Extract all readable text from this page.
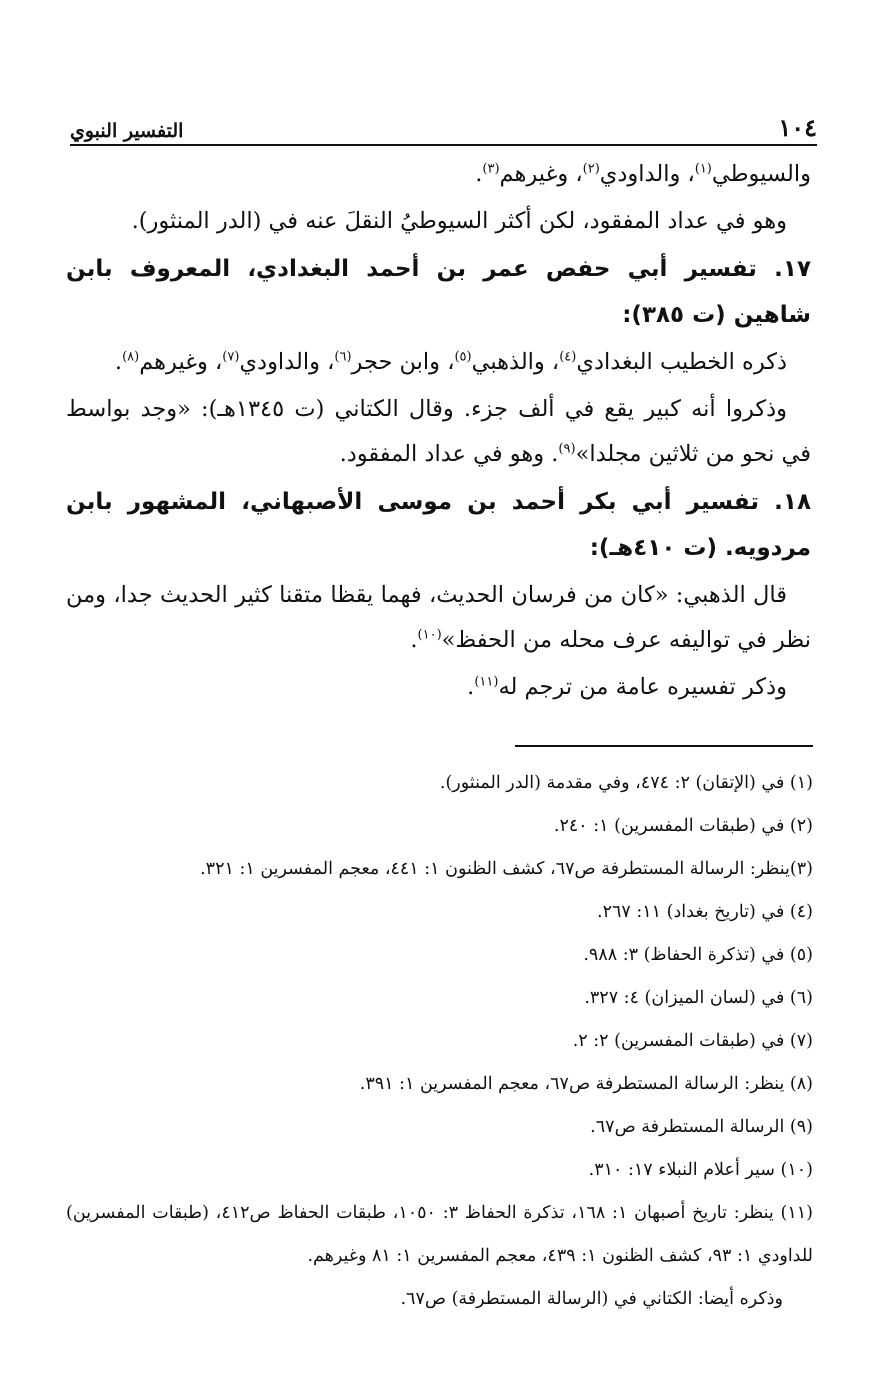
١٠٤
التفسير النبوي

والسيوطي$^{(١)}$، والداودي$^{(٢)}$، وغيرهم$^{(٣)}$.

وهو في عداد المفقود، لكن أكثر السيوطيُ النقلَ عنه في (الدر المنثور).

١٧. تفسير أبي حفص عمر بن أحمد البغدادي، المعروف بابن شاهين (ت ٣٨٥):

ذكره الخطيب البغدادي$^{(٤)}$، والذهبي$^{(٥)}$، وابن حجر$^{(٦)}$، والداودي$^{(٧)}$، وغيرهم$^{(٨)}$.

وذكروا أنه كبير يقع في ألف جزء. وقال الكتاني (ت ١٣٤٥هـ): «وجد بواسط في نحو من ثلاثين مجلدا»$^{(٩)}$. وهو في عداد المفقود.

١٨. تفسير أبي بكر أحمد بن موسى الأصبهاني، المشهور بابن مردويه. (ت ٤١٠هـ):

قال الذهبي: «كان من فرسان الحديث، فهما يقظا متقنا كثير الحديث جدا، ومن نظر في تواليفه عرف محله من الحفظ»$^{(١٠)}$.

وذكر تفسيره عامة من ترجم له$^{(١١)}$.

(١) في (الإتقان) ٢: ٤٧٤، وفي مقدمة (الدر المنثور).

(٢) في (طبقات المفسرين) ١: ٢٤٠.

(٣)ينظر: الرسالة المستطرفة ص٦٧، كشف الظنون ١: ٤٤١، معجم المفسرين ١: ٣٢١.

(٤) في (تاريخ بغداد) ١١: ٢٦٧.

(٥) في (تذكرة الحفاظ) ٣: ٩٨٨.

(٦) في (لسان الميزان) ٤: ٣٢٧.

(٧) في (طبقات المفسرين) ٢: ٢.

(٨) ينظر: الرسالة المستطرفة ص٦٧، معجم المفسرين ١: ٣٩١.

(٩) الرسالة المستطرفة ص٦٧.

(١٠) سير أعلام النبلاء ١٧: ٣١٠.

(١١) ينظر: تاريخ أصبهان ١: ١٦٨، تذكرة الحفاظ ٣: ١٠٥٠، طبقات الحفاظ ص٤١٢، (طبقات المفسرين) للداودي ١: ٩٣، كشف الظنون ١: ٤٣٩، معجم المفسرين ١: ٨١ وغيرهم.

وذكره أيضا: الكتاني في (الرسالة المستطرفة) ص٦٧.
